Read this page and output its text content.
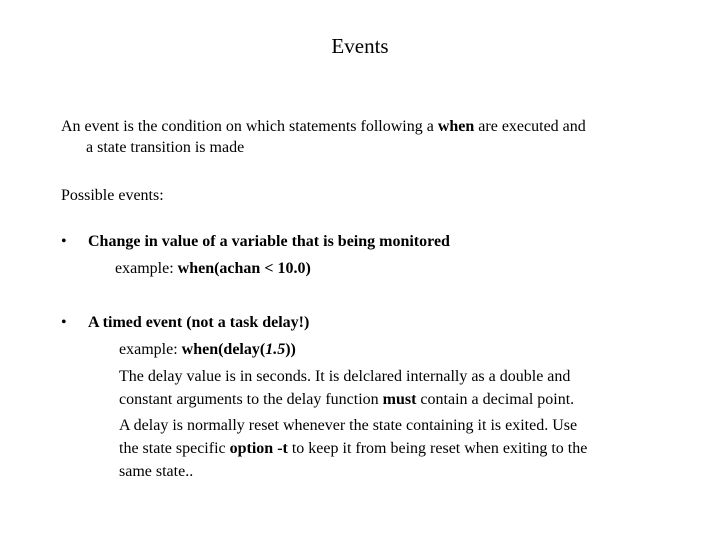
Events
An event is the condition on which statements following a when are executed and
a state transition is made
Possible events:
• Change in value of a variable that is being monitored
example: when(achan < 10.0)
• A timed event (not a task delay!)
example: when(delay(1.5))
The delay value is in seconds. It is delclared internally as a double and
constant arguments to the delay function must contain a decimal point.
A delay is normally reset whenever the state containing it is exited. Use
the state specific option -t to keep it from being reset when exiting to the
same state..
